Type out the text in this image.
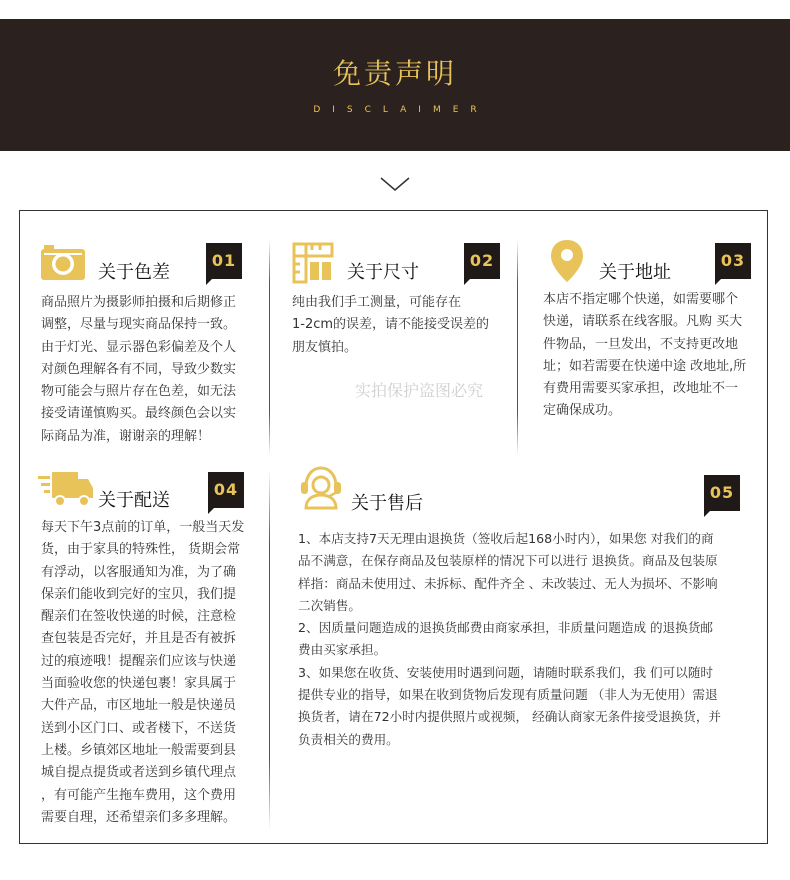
免责声明
DISCLAIMER
关于色差
01
商品照片为摄影师拍摄和后期修正
调整，尽量与现实商品保持一致。
由于灯光、显示器色彩偏差及个人
对颜色理解各有不同，导致少数实
物可能会与照片存在色差，如无法
接受请谨慎购买。最终颜色会以实
际商品为准，谢谢亲的理解！
关于尺寸
02
纯由我们手工测量，可能存在
1-2cm的误差，请不能接受误差的
朋友慎拍。
实拍保护盗图必究
关于地址
03
本店不指定哪个快递，如需要哪个
快递，请联系在线客服。凡购 买大
件物品，一旦发出，不支持更改地
址；如若需要在快递中途 改地址,所
有费用需要买家承担，改地址不一
定确保成功。
关于配送
04
每天下午3点前的订单，一般当天发
货，由于家具的特殊性， 货期会常
有浮动，以客服通知为准，为了确
保亲们能收到完好的宝贝，我们提
醒亲们在签收快递的时候，注意检
查包装是否完好，并且是否有被拆
过的痕迹哦！提醒亲们应该与快递
当面验收您的快递包裹！家具属于
大件产品，市区地址一般是快递员
送到小区门口、或者楼下，不送货
上楼。乡镇郊区地址一般需要到县
城自提点提货或者送到乡镇代理点
，有可能产生拖车费用，这个费用
需要自理，还希望亲们多多理解。
关于售后
05
1、本店支持7天无理由退换货（签收后起168小时内），如果您 对我们的商
品不满意，在保存商品及包装原样的情况下可以进行 退换货。商品及包装原
样指：商品未使用过、未拆标、配件齐全 、未改装过、无人为损坏、不影响
二次销售。
2、因质量问题造成的退换货邮费由商家承担，非质量问题造成 的退换货邮
费由买家承担。
3、如果您在收货、安装使用时遇到问题，请随时联系我们，我 们可以随时
提供专业的指导，如果在收到货物后发现有质量问题 （非人为无使用）需退
换货者，请在72小时内提供照片或视频， 经确认商家无条件接受退换货，并
负责相关的费用。
